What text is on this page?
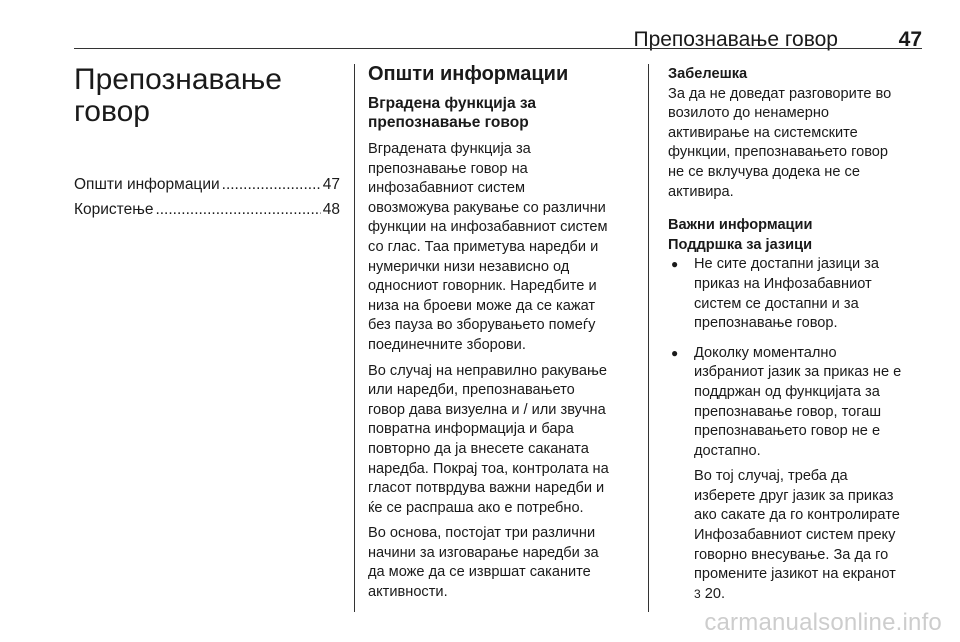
Препознавање говор	47
Препознавање
говор
Општи информации .....	47
Користење .....	48
Општи информации
Вградена функција за
препознавање говор

Вградената функција за
препознавање говор на
инфозабавниот систем
овозможува ракување со различни
функции на инфозабавниот систем
со глас. Таа приметува наредби и
нумерички низи независно од
односниот говорник. Наредбите и
низа на броеви може да се кажат
без пауза во зборувањето помеѓу
поединечните зборови.

Во случај на неправилно ракување
или наредби, препознавањето
говор дава визуелна и / или звучна
повратна информација и бара
повторно да ја внесете саканата
наредба. Покрај тоа, контролата на
гласот потврдува важни наредби и
ќе се распраша ако е потребно.

Во основа, постојат три различни
начини за изговарање наредби за
да може да се извршат саканите
активности.

Забелешка

За да не доведат разговорите во
возилото до ненамерно
активирање на системските
функции, препознавањето говор
не се вклучува додека не се
активира.

Важни информации
Поддршка за јазици
● Не сите достапни јазици за
приказ на Инфозабавниот
систем се достапни и за
препознавање говор.

● Доколку моментално
избраниот јазик за приказ не е
поддржан од функцијата за
препознавање говор, тогаш
препознавањето говор не е
достапно.

Во тој случај, треба да
изберете друг јазик за приказ
ако сакате да го контролирате
Инфозабавниот систем преку
говорно внесување. За да го
промените јазикот на екранот
3 20.

carmanualsonline.info
